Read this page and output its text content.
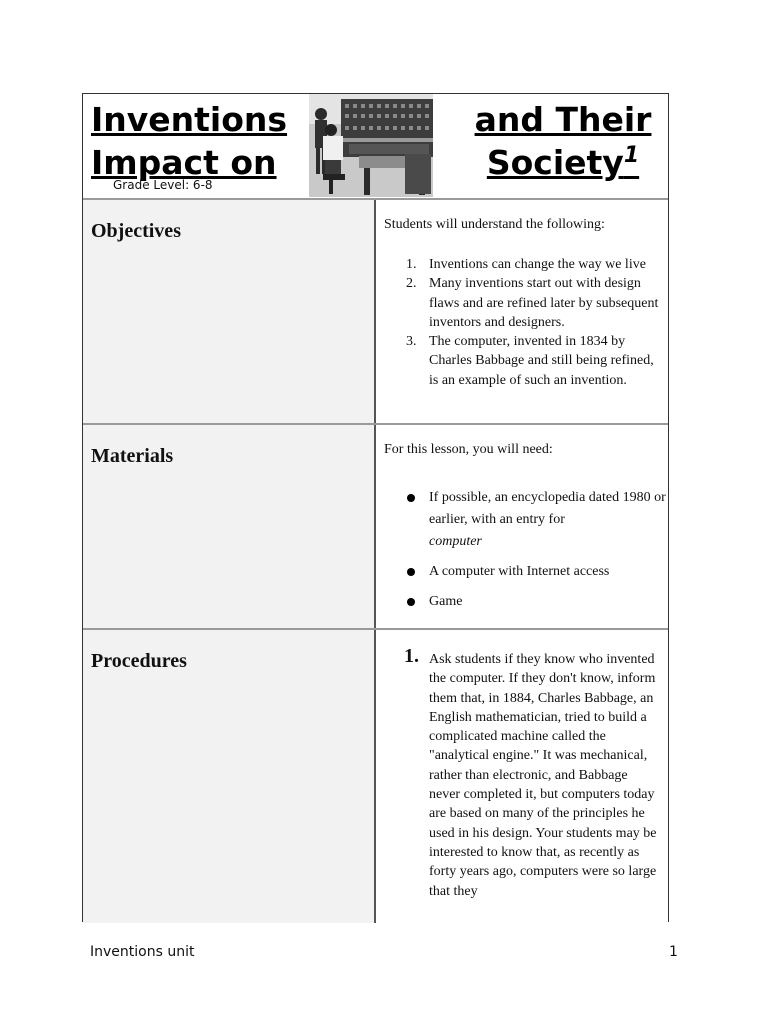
Inventions
Impact on
Grade Level: 6-8
and Their
Society$^1$
Objectives	Students will understand the following:
1. Inventions can change the way we live
2. Many inventions start out with design flaws and are refined later by subsequent inventors and designers.
3. The computer, invented in 1834 by Charles Babbage and still being refined, is an example of such an invention.
Materials	For this lesson, you will need:
If possible, an encyclopedia dated 1980 or earlier, with an entry for
computer
A computer with Internet access
Game
Procedures	1. Ask students if they know who invented the computer. If they don't know, inform them that, in 1884, Charles Babbage, an English mathematician, tried to build a complicated machine called the "analytical engine." It was mechanical, rather than electronic, and Babbage never completed it, but computers today are based on many of the principles he used in his design. Your students may be interested to know that, as recently as forty years ago, computers were so large that they
Inventions unit	1
